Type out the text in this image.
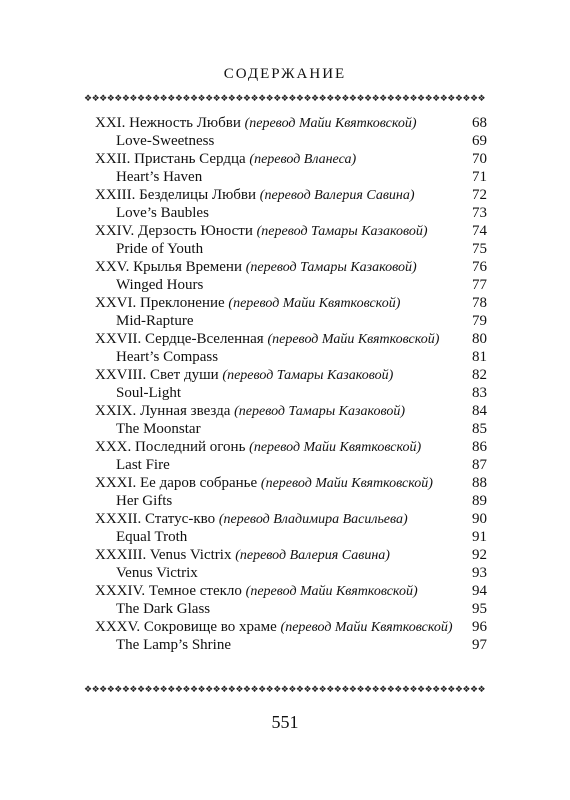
СОДЕРЖАНИЕ
❖❖❖❖❖❖❖❖❖❖❖❖❖❖❖❖❖❖❖❖❖❖❖❖❖❖❖❖❖❖❖❖❖❖❖❖❖❖❖❖❖❖❖❖❖❖❖❖❖❖❖❖❖
XXI. Нежность Любви (перевод Майи Квятковской)	68
Love-Sweetness	69
XXII. Пристань Сердца (перевод Вланеса)	70
Heart’s Haven	71
XXIII. Безделицы Любви (перевод Валерия Савина)	72
Love’s Baubles	73
XXIV. Дерзость Юности (перевод Тамары Казаковой)	74
Pride of Youth	75
XXV. Крылья Времени (перевод Тамары Казаковой)	76
Winged Hours	77
XXVI. Преклонение (перевод Майи Квятковской)	78
Mid-Rapture	79
XXVII. Сердце-Вселенная (перевод Майи Квятковской) 80
Heart’s Compass	81
XXVIII. Свет души (перевод Тамары Казаковой)	82
Soul-Light	83
XXIX. Лунная звезда (перевод Тамары Казаковой)	84
The Moonstar	85
XXX. Последний огонь (перевод Майи Квятковской)	86
Last Fire	87
XXXI. Ее даров собранье (перевод Майи Квятковской)	88
Her Gifts	89
XXXII. Статус-кво (перевод Владимира Васильева)	90
Equal Troth	91
XXXIII. Venus Victrix (перевод Валерия Савина)	92
Venus Victrix	93
XXXIV. Темное стекло (перевод Майи Квятковской)	94
The Dark Glass	95
XXXV. Сокровище во храме (перевод Майи Квятковской) 96
The Lamp’s Shrine	97
❖❖❖❖❖❖❖❖❖❖❖❖❖❖❖❖❖❖❖❖❖❖❖❖❖❖❖❖❖❖❖❖❖❖❖❖❖❖❖❖❖❖❖❖❖❖❖❖❖❖❖❖❖
551
